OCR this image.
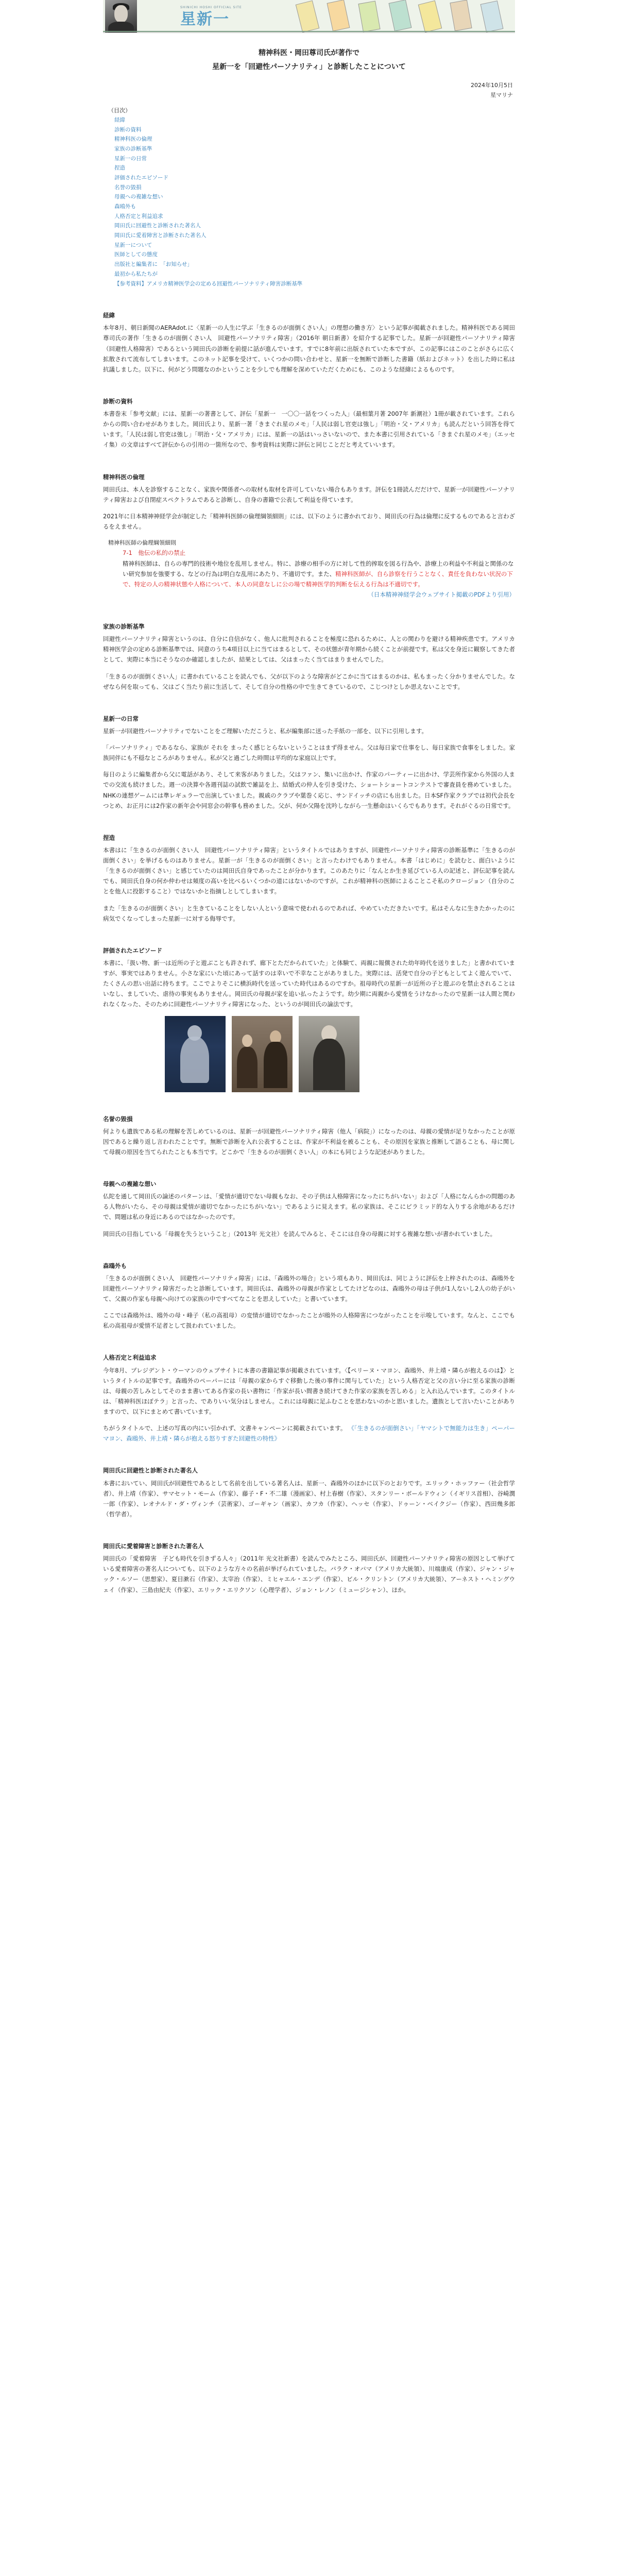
SHINICHI HOSHI OFFICIAL SITE
星新一
精神科医・岡田尊司氏が著作で
星新一を「回避性パーソナリティ」と診断したことについて
2024年10月5日
星マリナ
（目次）
経緯
診断の資料
精神科医の倫理
家族の診断基準
星新一の日常
捏造
評価されたエピソード
名誉の毀損
母親への複雑な想い
森鴎外も
人格否定と利益追求
岡田氏に回避性と診断された著名人
岡田氏に愛着障害と診断された著名人
星新一について
医師としての態度
出版社と編集者に　「お知らせ」
最初から私たちが
【参考資料】アメリカ精神医学会の定める回避性パーソナリティ障害診断基準
経緯

本年8月、朝日新聞のAERAdot.に〈星新一の人生に学ぶ「生きるのが面倒くさい人」の理想の働き方〉という記事が掲載されました。精神科医である岡田尊司氏の著作「生きるのが面倒くさい人　回避性パーソナリティ障害」（2016年 朝日新書）を紹介する記事でした。星新一が回避性パーソナリティ障害（回避性人格障害）であるという岡田氏の診断を前提に話が進んでいます。すでに8年前に出版されていた本ですが、この記事にはこのことがさらに広く拡散されて流布してしまいます。このネット記事を受けて、いくつかの問い合わせと、星新一を無断で診断した書籍（紙およびネット）を出した時に私は抗議しました。以下に、何がどう問題なのかということを少しでも理解を深めていただくためにも、このような経緯によるものです。

診断の資料

本書巻末「参考文献」には、星新一の著書として、評伝「星新一　一〇〇一話をつくった人」（最相葉月著 2007年 新潮社）1冊が載されています。これらからの問い合わせがありました。岡田氏より、星新一著「きまぐれ星のメモ」「人民は弱し官吏は強し」「明治・父・アメリカ」も読んだという回答を得ています。「人民は弱し官吏は強し」「明治・父・アメリカ」には、星新一の話はいっさいないので、また本書に引用されている「きまぐれ星のメモ」（エッセイ集）の文章はすべて評伝からの引用の一箇所なので、参考資料は実際に評伝と同じことだと考えていいます。

精神科医の倫理

岡田氏は、本人を診察することなく、家族や関係者への取材も取材を許可していない場合もあります。評伝を1冊読んだだけで、星新一が回避性パーソナリティ障害および自閉症スペクトラムであると診断し、自身の書籍で公表して利益を得ています。

2021年に日本精神神経学会が制定した「精神科医師の倫理綱領細則」には、以下のように書かれており、岡田氏の行為は倫理に反するものであると言わざるをえません。

精神科医師の倫理綱領細則
7-1　他伝の私的の禁止
精神科医師は、自らの専門的技術や地位を乱用しません。特に、診療の相手の方に対して性的搾取を図る行為や、診療上の利益や不利益と関係のない研究参加を強要する、などの行為は明白な乱用にあたり、不適切です。また、精神科医師が、自ら診察を行うことなく、責任を負わない状況の下で、特定の人の精神状態や人格について、本人の同意なしに公の場で精神医学的判断を伝える行為は不適切です。
（日本精神神経学会ウェブサイト掲載のPDFより引用）
家族の診断基準

回避性パーソナリティ障害というのは、自分に自信がなく、他人に批判されることを極度に恐れるために、人との関わりを避ける精神疾患です。アメリカ精神医学会の定める診断基準では、同意のうち4項目以上に当てはまるとして、その状態が青年期から続くことが前提です。私は父を身近に観察してきた者として、実際に本当にそうなのか確認しましたが、結果としては、父はまったく当てはまりませんでした。

「生きるのが面倒くさい人」に書かれていることを読んでも、父が以下のような障害がどこかに当てはまるのかは、私もまったく分かりませんでした。なぜなら何を取っても、父はごく当たり前に生活して、そして自分の性格の中で生きてきているので、こじつけとしか思えないことです。

星新一の日常

星新一が回避性パーソナリティでないことをご理解いただこうと、私が編集部に送った手紙の一部を、以下に引用します。

「パーソナリティ」であるなら、家族が それを まったく感じとらないということはまず得ません。父は毎日家で仕事をし、毎日家族で食事をしました。家族同伴にも不穏なところがありません。私が父と過ごした時間は平均的な家庭以上です。

毎日のように編集者から父に電話があり、そして来客がありました。父はファン、集いに出かけ、作家のパーティーに出かけ、学芸所作家から外国の人までの交流も続けました。週一の決算や各週刊誌の試飲で雑誌を上、結婚式の仲人を引き受けた、ショートショートコンテストで審査員を務めていました。NHKの連想ゲームには準レギュラーで出演していました。親戚のクラブや葉巻く応じ、サンドイッチの店にも出ました。日本SF作家クラブでは初代会長をつとめ、お正月には2作家の新年会や同窓会の幹事も務めました。父が、何か父陽を沈吟しながら一生懸命はいくらでもあります。それがぐるの日常です。

捏造

本書はに「生きるのが面倒くさい人　回避性パーソナリティ障害」というタイトルではありますが、回避性パーソナリティ障害の診断基準に「生きるのが面倒くさい」を挙げるものはありません。星新一が「生きるのが面倒くさい」と言ったわけでもありません。本書「はじめに」を読むと、面白いように「生きるのが面倒くさい」と感じていたのは岡田氏自身であったことが分かります。このあたりに「なんとか生き延びている人の記述と、評伝記事を読んでも、岡田氏自身の何か仲わせは頻度の高いを比べるいくつかの道にはないかのですが。これが精神科の医師によることこそ私のクロージョン（自分のことを他人に投影すること）ではないかと指摘しとしてしまいます。

また「生きるのが面倒くさい」と生きていることをしない人という意味で使われるのであれば、やめていただきたいです。私はそんなに生きたかったのに病気でくなってしまった星新一に対する侮辱です。

評価されたエピソード

本書に、「扱い物、新一は近所の子と遊ぶことも許されず、廊下とただかられていた」と体験て、両親に報償された幼年時代を送りました」と書かれていますが、事実ではありません。小さな家にいた頃にあって話すのは幸いで不幸なことがありました。実際には、活発で自分の子どもとしてよく遊んでいて、たくさんの思い出話に持ちます。ここでよりそこに横浜時代を送っていた時代はあるのですか。祖母時代の星新一が近所の子と遊ぶのを禁止されることはいなし、ましていた、虐待の事実もありません。岡田氏の母親が家を追い払ったようです。幼少期に両親から愛情をうけなかったので星新一は人間と関われなくなった、そのために回避性パーソナリティ障害になった、というのが岡田氏の論法です。

名誉の毀損

何よりも遺族である私の理解を苦しめているのは、星新一が回避性パーソナリティ障害（他人「病院」）になったのは、母親の愛情が足りなかったことが原因であると繰り返し言われたことです。無断で診断を入れ公表することは、作家が不利益を被ることも、その原因を家族と推断して語ることも、母に関して母親の原因を当てられたことも本当です。どこかで「生きるのが面倒くさい人」の本にも同じような記述がありました。

母親への複雑な想い

仏陀を通して岡田氏の論述のパターンは、「愛情が適切でない母親もなお、その子供は人格障害になったにちがいない」および「人格になんらかの問題のある人物がいたら、その母親は愛情が適切でなかったにちがいない」であるように見えます。私の家族は、そこにピラミッド的な入りする余地があるだけで、問題は私の身近にあるのではなかったのです。

岡田氏の目指している「母親を失うということ」（2013年 光文社）を読んでみると、そこには自身の母親に対する複雑な想いが書かれていました。

森鴎外も

「生きるのが面倒くさい人　回避性パーソナリティ障害」には、「森鴎外の場合」という項もあり、岡田氏は、同じように評伝を上梓されたのは、森鴎外を回避性パーソナリティ障害だったと診断しています。岡田氏は、森鴎外の母親が作家としてたけどなのは、森鴎外の母は子供が1人ないし2人の幼子がいて、父親の作家も母親へ向けての家族の中ですべてなことを思えしていた」と書いています。

ここでは森鴎外は、鴎外の母・峰子（私の高祖母）の変情が適切でなかったことが鴎外の人格障害につながったことを示唆しています。なんと、ここでも私の高祖母が愛情不足者として扱われていました。

人格否定と利益追求

今年8月、プレジデント・ウーマンのウェブサイトに本書の書籍記事が掲載されています。〈【ペリーヌ・マヨン、森鴎外、井上靖・隣らが抱えるのは】〉というタイトルの記事です。森鴎外のペーパーには「母親の家からすぐ移動した後の事件に関与していた」という人格否定と父の言い分に至る家族の診断は、母親の苦しみとしてそのまま書いてある作家の長い書物に「作家が長い間書き続けてきた作家の家族を苦しめる」と入れ込んでいます。このタイトルは、「精神科医ほぼテラ」と言った、でありいい気分はしません。これには母親に足ふむことを思わないのかと思いました。遺族として言いたいことがありますので、以下にまとめて書いています。

ちがうタイトルで、上述の写真の内にい引かれず、文書キャンペーンに掲載されています。 《「生きるのが面倒さい」「ヤマシトで無能力は生き」ペーパーマヨン、森鴎外、井上靖・隣らが抱える怒りすぎた回避性の特性》

岡田氏に回避性と診断された著名人

本書においてい、岡田氏が回避性であるとして名前を出している著名人は、星新一、森鴎外のほかに以下のとおりです。エリック・ホッファー（社会哲学者）、井上靖（作家）、サマセット・モーム（作家）、藤子・F・不二雄（漫画家）、村上春樹（作家）、スタンリー・ボールドウィン（イギリス首相）、谷崎潤一郎（作家）、レオナルド・ダ・ヴィンチ（芸術家）、ゴーギャン（画家）、カフカ（作家）、ヘッセ（作家）、ドゥーン・ベイクジー（作家）、西田幾多郎（哲学者）。

岡田氏に愛着障害と診断された著名人

岡田氏の「愛着障害　子ども時代を引きずる人々」（2011年 光文社新書）を読んでみたところ、岡田氏が、回避性パーソナリティ障害の原因として挙げている愛着障害の著名人についても、以下のような方々の名前が挙げられていました。バラク・オバマ（アメリカ大統領）、川端康成（作家）、ジャン・ジャック・ルソー（思想家）、夏目漱石（作家）、太宰治（作家）、ミヒャエル・エンデ（作家）、ビル・クリントン（アメリカ大統領）、アーネスト・ヘミングウェイ（作家）、三島由紀夫（作家）、エリック・エリクソン（心理学者）、ジョン・レノン（ミュージシャン）、ほか。
